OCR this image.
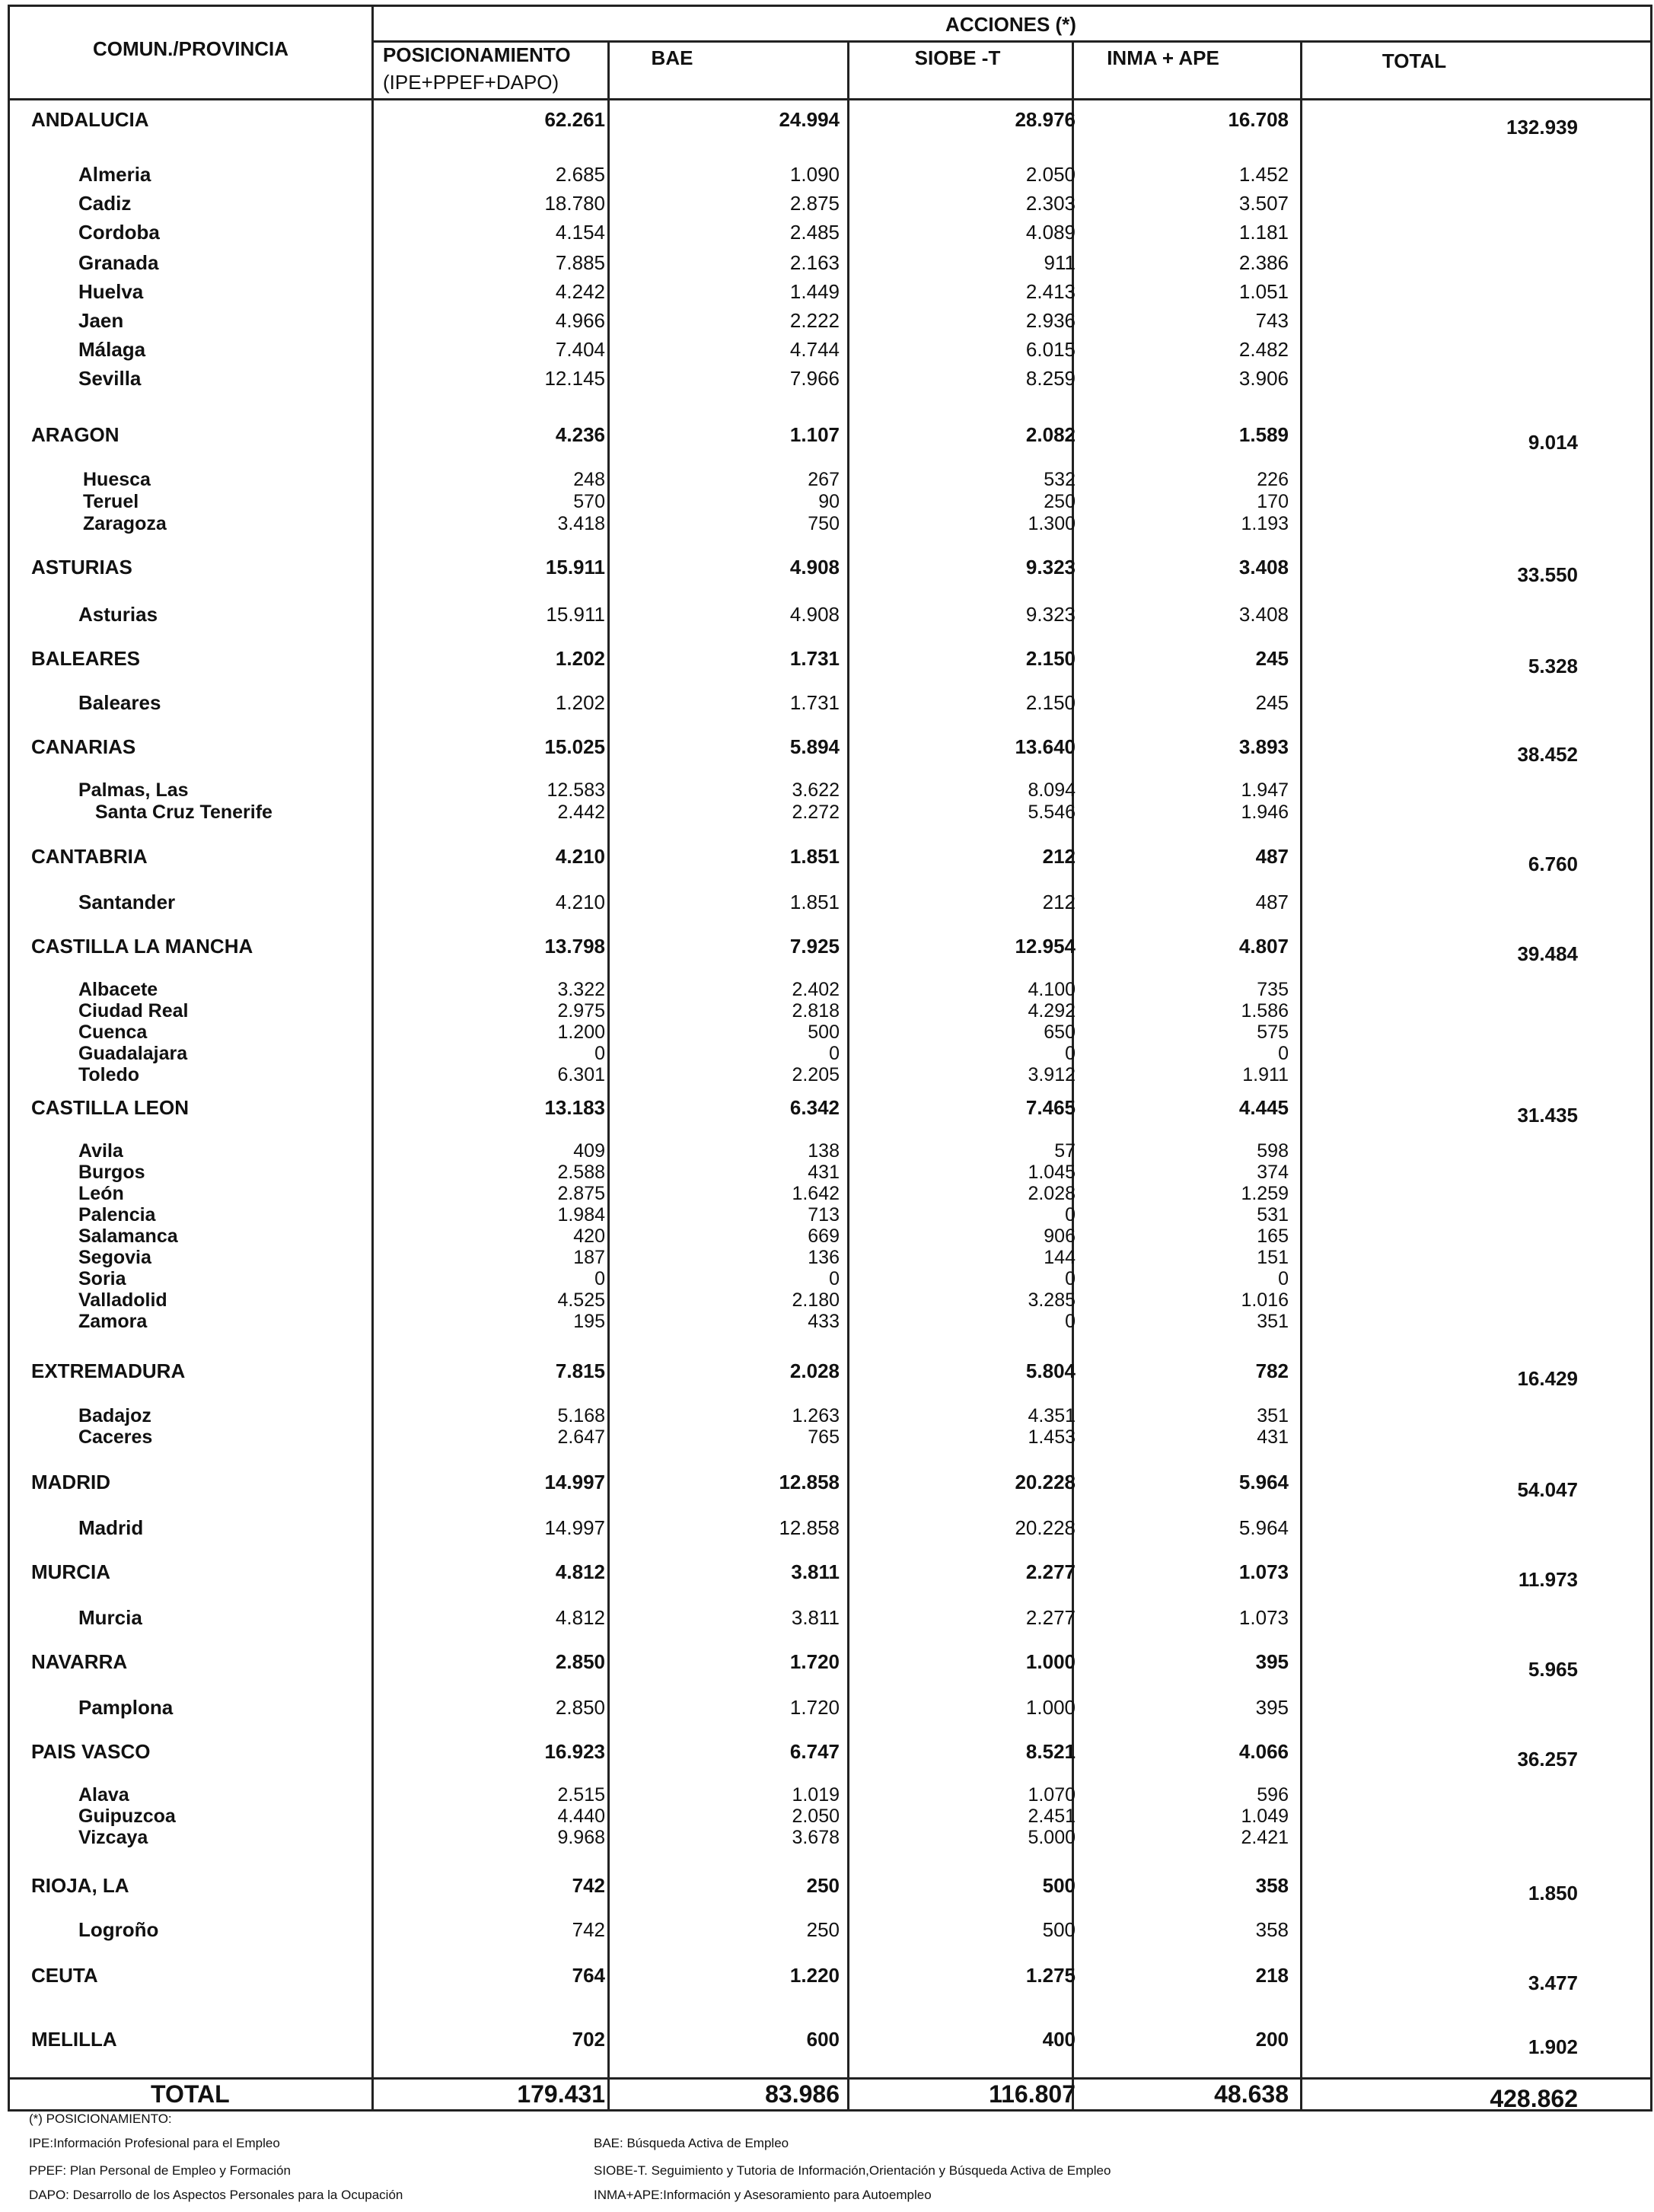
COMUN./PROVINCIA
ACCIONES (*)
POSICIONAMIENTO
(IPE+PPEF+DAPO)
BAE	SIOBE -T	INMA + APE	TOTAL
ANDALUCIA	62.261	24.994	28.976	16.708	132.939
Almeria	2.685	1.090	2.050	1.452
Cadiz	18.780	2.875	2.303	3.507
Cordoba	4.154	2.485	4.089	1.181
Granada	7.885	2.163	911	2.386
Huelva	4.242	1.449	2.413	1.051
Jaen	4.966	2.222	2.936	743
Málaga	7.404	4.744	6.015	2.482
Sevilla	12.145	7.966	8.259	3.906
ARAGON	4.236	1.107	2.082	1.589	9.014
Huesca	248	267	532	226
Teruel	570	90	250	170
Zaragoza	3.418	750	1.300	1.193
ASTURIAS	15.911	4.908	9.323	3.408	33.550
Asturias	15.911	4.908	9.323	3.408
BALEARES	1.202	1.731	2.150	245	5.328
Baleares	1.202	1.731	2.150	245
CANARIAS	15.025	5.894	13.640	3.893	38.452
Palmas, Las	12.583	3.622	8.094	1.947
Santa Cruz Tenerife	2.442	2.272	5.546	1.946
CANTABRIA	4.210	1.851	212	487	6.760
Santander	4.210	1.851	212	487
CASTILLA LA MANCHA	13.798	7.925	12.954	4.807	39.484
Albacete	3.322	2.402	4.100	735
Ciudad Real	2.975	2.818	4.292	1.586
Cuenca	1.200	500	650	575
Guadalajara	0	0	0	0
Toledo	6.301	2.205	3.912	1.911
CASTILLA LEON	13.183	6.342	7.465	4.445	31.435
Avila	409	138	57	598
Burgos	2.588	431	1.045	374
León	2.875	1.642	2.028	1.259
Palencia	1.984	713	0	531
Salamanca	420	669	906	165
Segovia	187	136	144	151
Soria	0	0	0	0
Valladolid	4.525	2.180	3.285	1.016
Zamora	195	433	0	351
EXTREMADURA	7.815	2.028	5.804	782	16.429
Badajoz	5.168	1.263	4.351	351
Caceres	2.647	765	1.453	431
MADRID	14.997	12.858	20.228	5.964	54.047
Madrid	14.997	12.858	20.228	5.964
MURCIA	4.812	3.811	2.277	1.073	11.973
Murcia	4.812	3.811	2.277	1.073
NAVARRA	2.850	1.720	1.000	395	5.965
Pamplona	2.850	1.720	1.000	395
PAIS VASCO	16.923	6.747	8.521	4.066	36.257
Alava	2.515	1.019	1.070	596
Guipuzcoa	4.440	2.050	2.451	1.049
Vizcaya	9.968	3.678	5.000	2.421
RIOJA, LA	742	250	500	358	1.850
Logroño	742	250	500	358
CEUTA	764	1.220	1.275	218	3.477
MELILLA	702	600	400	200	1.902
TOTAL	179.431	83.986	116.807	48.638	428.862
(*) POSICIONAMIENTO:
IPE:Información Profesional para el Empleo
PPEF: Plan Personal de Empleo y Formación
DAPO: Desarrollo de los Aspectos Personales para la Ocupación
BAE: Búsqueda Activa de Empleo
SIOBE-T. Seguimiento y Tutoria de Información,Orientación y Búsqueda Activa de Empleo
INMA+APE:Información y Asesoramiento para Autoempleo
